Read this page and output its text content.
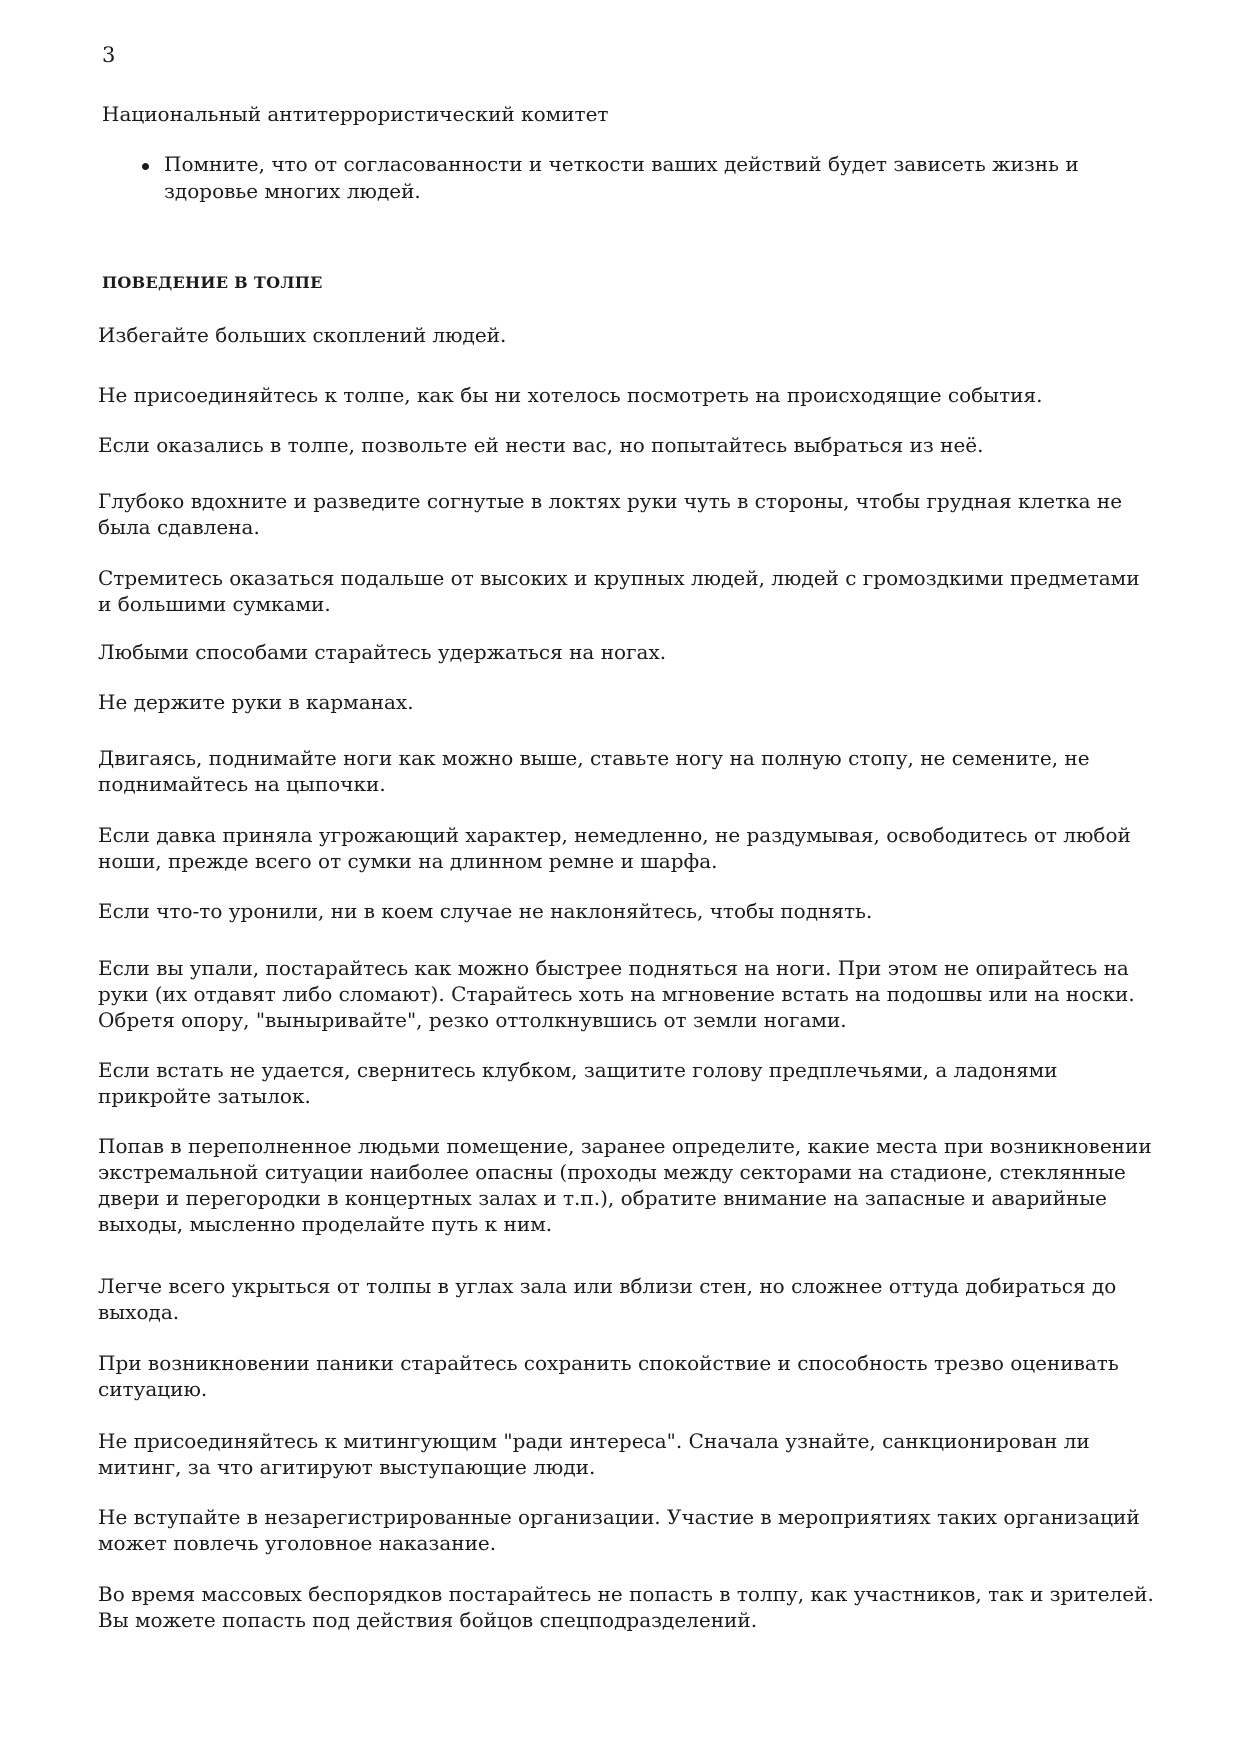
3
Национальный антитеррористический комитет
Помните, что от согласованности и четкости ваших действий будет зависеть жизнь и здоровье многих людей.
ПОВЕДЕНИЕ В ТОЛПЕ

Избегайте больших скоплений людей.

Не присоединяйтесь к толпе, как бы ни хотелось посмотреть на происходящие события.

Если оказались в толпе, позвольте ей нести вас, но попытайтесь выбраться из неё.

Глубоко вдохните и разведите согнутые в локтях руки чуть в стороны, чтобы грудная клетка не была сдавлена.

Стремитесь оказаться подальше от высоких и крупных людей, людей с громоздкими предметами и большими сумками.

Любыми способами старайтесь удержаться на ногах.

Не держите руки в карманах.

Двигаясь, поднимайте ноги как можно выше, ставьте ногу на полную стопу, не семените, не поднимайтесь на цыпочки.

Если давка приняла угрожающий характер, немедленно, не раздумывая, освободитесь от любой ноши, прежде всего от сумки на длинном ремне и шарфа.

Если что-то уронили, ни в коем случае не наклоняйтесь, чтобы поднять.

Если вы упали, постарайтесь как можно быстрее подняться на ноги. При этом не опирайтесь на руки (их отдавят либо сломают). Старайтесь хоть на мгновение встать на подошвы или на носки. Обретя опору, "выныривайте", резко оттолкнувшись от земли ногами.

Если встать не удается, свернитесь клубком, защитите голову предплечьями, а ладонями прикройте затылок.

Попав в переполненное людьми помещение, заранее определите, какие места при возникновении экстремальной ситуации наиболее опасны (проходы между секторами на стадионе, стеклянные двери и перегородки в концертных залах и т.п.), обратите внимание на запасные и аварийные выходы, мысленно проделайте путь к ним.

Легче всего укрыться от толпы в углах зала или вблизи стен, но сложнее оттуда добираться до выхода.

При возникновении паники старайтесь сохранить спокойствие и способность трезво оценивать ситуацию.

Не присоединяйтесь к митингующим "ради интереса". Сначала узнайте, санкционирован ли митинг, за что агитируют выступающие люди.

Не вступайте в незарегистрированные организации. Участие в мероприятиях таких организаций может повлечь уголовное наказание.

Во время массовых беспорядков постарайтесь не попасть в толпу, как участников, так и зрителей. Вы можете попасть под действия бойцов спецподразделений.
